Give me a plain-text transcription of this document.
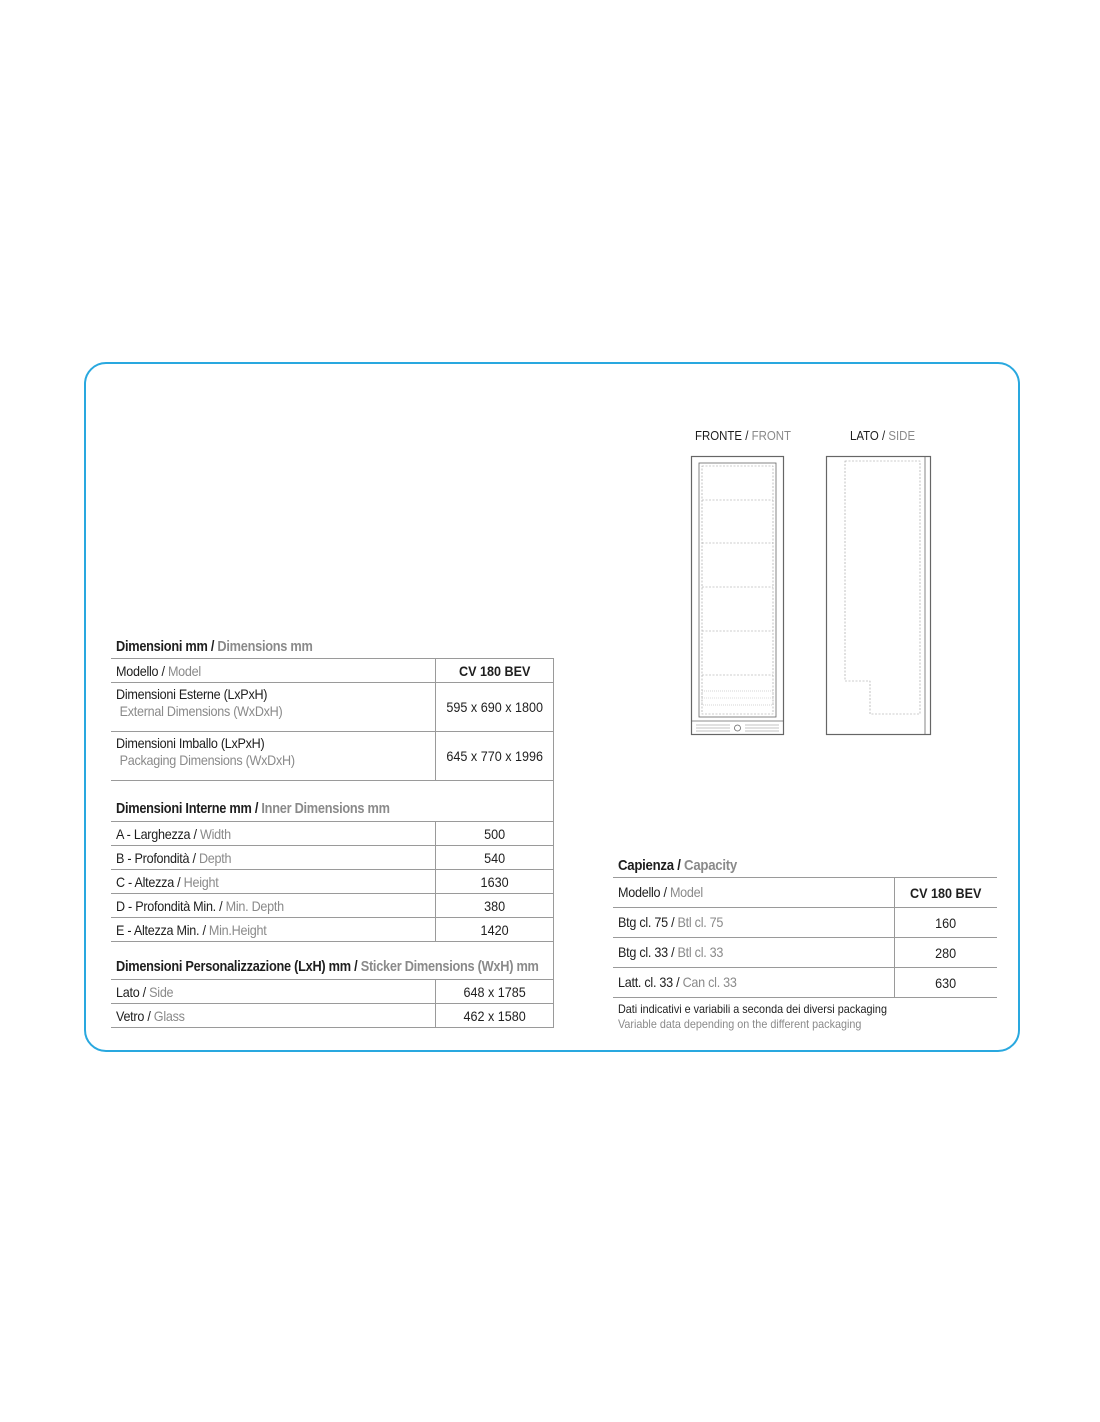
FRONTE / FRONT	LATO / SIDE
Dimensioni mm / Dimensions mm
Modello / Model	CV 180 BEV
Dimensioni Esterne (LxPxH)
External Dimensions (WxDxH)	595 x 690 x 1800
Dimensioni Imballo (LxPxH)
Packaging Dimensions (WxDxH)	645 x 770 x 1996
Dimensioni Interne mm / Inner Dimensions mm
A - Larghezza / Width	500
B - Profondità / Depth	540
C - Altezza / Height	1630
D - Profondità Min. / Min. Depth	380
E - Altezza Min. / Min.Height	1420
Dimensioni Personalizzazione (LxH) mm / Sticker Dimensions (WxH) mm
Lato / Side	648 x 1785
Vetro / Glass	462 x 1580
Capienza / Capacity
Modello / Model	CV 180 BEV
Btg cl. 75 / Btl cl. 75	160
Btg cl. 33 / Btl cl. 33	280
Latt. cl. 33 / Can cl. 33	630
Dati indicativi e variabili a seconda dei diversi packaging
Variable data depending on the different packaging
